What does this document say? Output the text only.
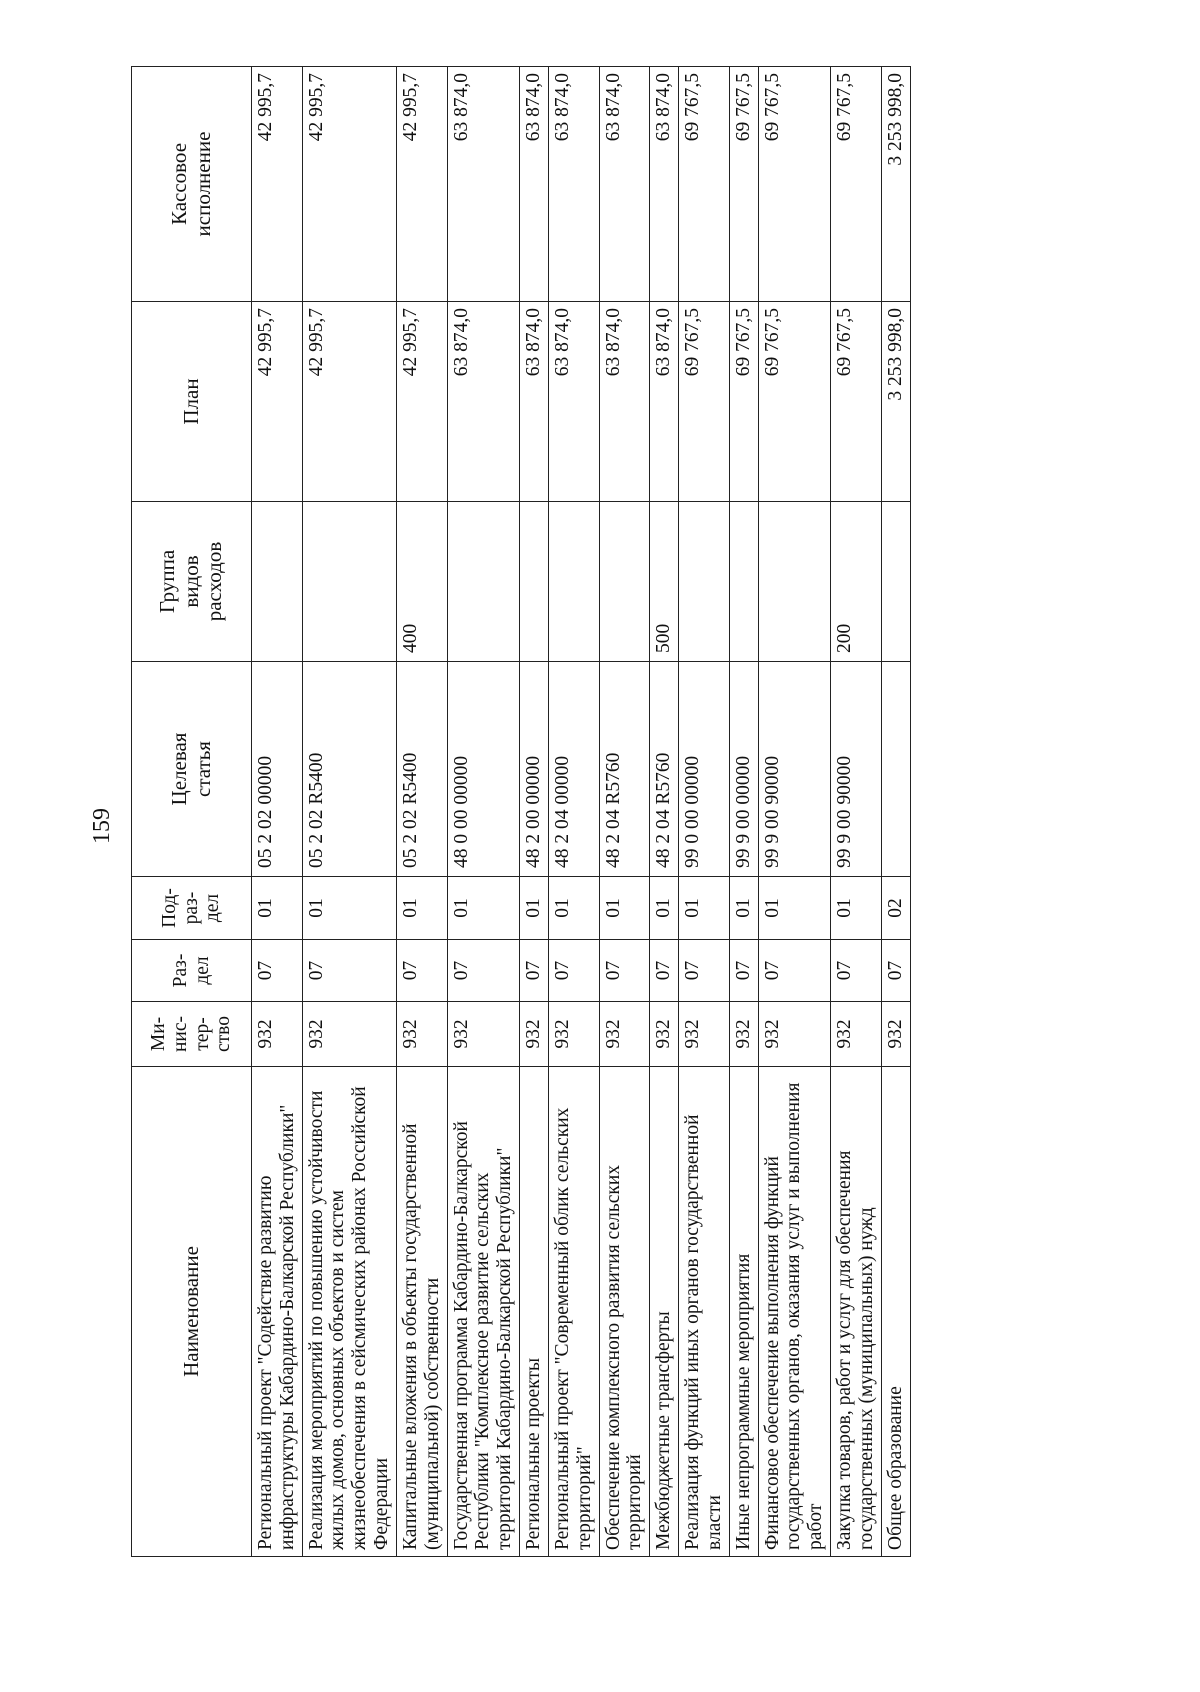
159
Наименование	Ми-
нис-
тер-
ство	Раз-
дел	Под-
раз-
дел	Целевая
статья	Группа
видов
расходов	План	Кассовое
исполнение
Региональный проект "Содействие развитию инфраструктуры Кабардино-Балкарской Республики"	932	07	01	05 2 02 00000		42 995,7	42 995,7
Реализация мероприятий по повышению устойчивости жилых домов, основных объектов и систем жизнеобеспечения в сейсмических районах Российской Федерации	932	07	01	05 2 02 R5400		42 995,7	42 995,7
Капитальные вложения в объекты государственной (муниципальной) собственности	932	07	01	05 2 02 R5400	400	42 995,7	42 995,7
Государственная программа Кабардино-Балкарской Республики "Комплексное развитие сельских территорий Кабардино-Балкарской Республики"	932	07	01	48 0 00 00000		63 874,0	63 874,0
Региональные проекты	932	07	01	48 2 00 00000		63 874,0	63 874,0
Региональный проект "Современный облик сельских территорий"	932	07	01	48 2 04 00000		63 874,0	63 874,0
Обеспечение комплексного развития сельских территорий	932	07	01	48 2 04 R5760		63 874,0	63 874,0
Межбюджетные трансферты	932	07	01	48 2 04 R5760	500	63 874,0	63 874,0
Реализация функций иных органов государственной власти	932	07	01	99 0 00 00000		69 767,5	69 767,5
Иные непрограммные мероприятия	932	07	01	99 9 00 00000		69 767,5	69 767,5
Финансовое обеспечение выполнения функций государственных органов, оказания услуг и выполнения работ	932	07	01	99 9 00 90000		69 767,5	69 767,5
Закупка товаров, работ и услуг для обеспечения государственных (муниципальных) нужд	932	07	01	99 9 00 90000	200	69 767,5	69 767,5
Общее образование	932	07	02			3 253 998,0	3 253 998,0
